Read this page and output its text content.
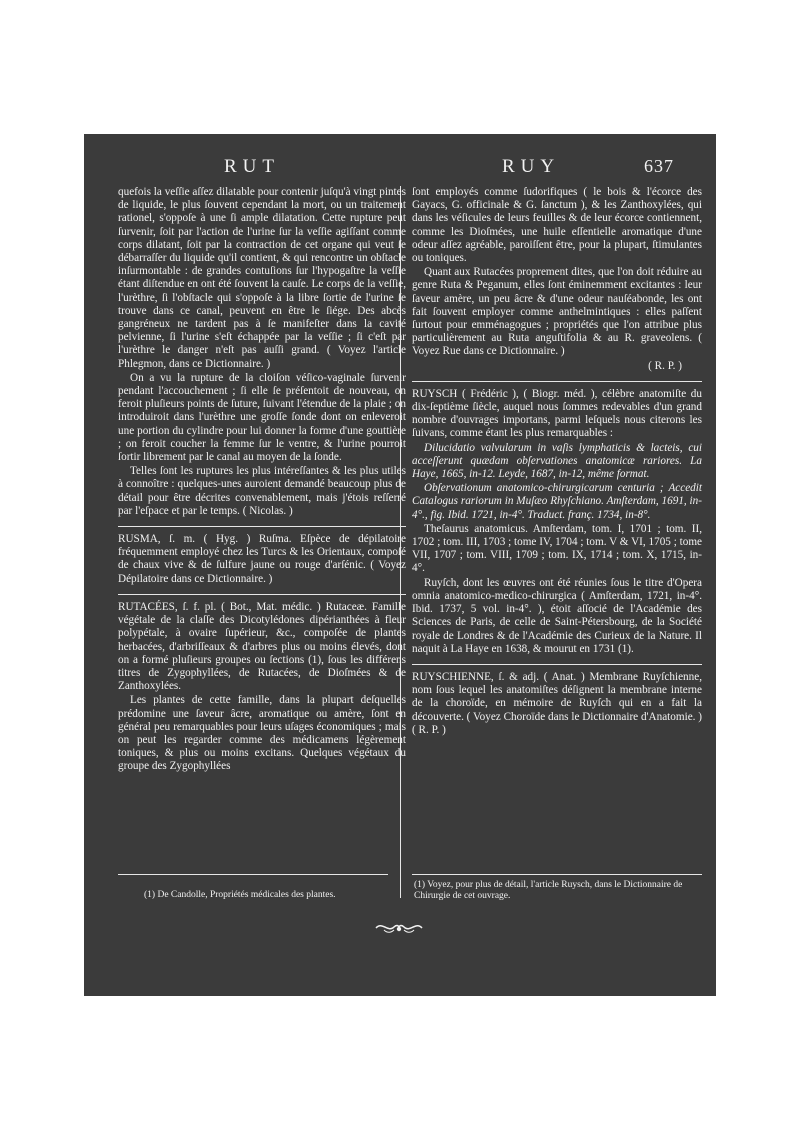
RUT	RUY	637

quefois la veſſie aſſez dilatable pour contenir juſqu'à vingt pintes de liquide, le plus ſouvent cependant la mort, ou un traitement rationel, s'oppoſe à une ſi ample dilatation. Cette rupture peut ſurvenir, ſoit par l'action de l'urine ſur la veſſie agiſſant comme corps dilatant, ſoit par la contraction de cet organe qui veut ſe débarraſſer du liquide qu'il contient, & qui rencontre un obſtacle inſurmontable : de grandes contuſions ſur l'hypogaſtre la veſſie étant diſtendue en ont été ſouvent la cauſe. Le corps de la veſſie, l'urèthre, ſi l'obſtacle qui s'oppoſe à la libre ſortie de l'urine ſe trouve dans ce canal, peuvent en être le ſiége. Des abcès gangréneux ne tardent pas à ſe manifeſter dans la cavité pelvienne, ſi l'urine s'eſt échappée par la veſſie ; ſi c'eſt par l'urèthre le danger n'eſt pas auſſi grand. ( Voyez l'article Phlegmon, dans ce Dictionnaire. )

On a vu la rupture de la cloiſon véſico-vaginale ſurvenir pendant l'accouchement ; ſi elle ſe préſentoit de nouveau, on feroit pluſieurs points de ſuture, ſuivant l'étendue de la plaie ; on introduiroit dans l'urèthre une groſſe ſonde dont on enleveroit une portion du cylindre pour lui donner la forme d'une gouttière ; on feroit coucher la femme ſur le ventre, & l'urine pourroit ſortir librement par le canal au moyen de la ſonde.

Telles ſont les ruptures les plus intéreſſantes & les plus utiles à connoître : quelques-unes auroient demandé beaucoup plus de détail pour être décrites convenablement, mais j'étois reſſerré par l'eſpace et par le temps. ( Nicolas. )

RUSMA, ſ. m. ( Hyg. ) Ruſma. Eſpèce de dépilatoire fréquemment employé chez les Turcs & les Orientaux, compoſé de chaux vive & de ſulfure jaune ou rouge d'arſénic. ( Voyez Dépilatoire dans ce Dictionnaire. )

RUTACÉES, ſ. f. pl. ( Bot., Mat. médic. ) Rutaceæ. Famille végétale de la claſſe des Dicotylédones dipérianthées à fleur polypétale, à ovaire ſupérieur, &c., compoſée de plantes herbacées, d'arbriſſeaux & d'arbres plus ou moins élevés, dont on a formé pluſieurs groupes ou ſections (1), ſous les différens titres de Zygophyllées, de Rutacées, de Dioſmées & de Zanthoxylées.

Les plantes de cette famille, dans la plupart deſquelles prédomine une ſaveur âcre, aromatique ou amère, ſont en général peu remarquables pour leurs uſages économiques ; mais on peut les regarder comme des médicamens légèrement toniques, & plus ou moins excitans. Quelques végétaux du groupe des Zygophyllées

ſont employés comme ſudorifiques ( le bois & l'écorce des Gayacs, G. officinale & G. ſanctum ), & les Zanthoxylées, qui dans les véſicules de leurs feuilles & de leur écorce contiennent, comme les Dioſmées, une huile eſſentielle aromatique d'une odeur aſſez agréable, paroiſſent être, pour la plupart, ſtimulantes ou toniques.

Quant aux Rutacées proprement dites, que l'on doit réduire au genre Ruta & Peganum, elles ſont éminemment excitantes : leur ſaveur amère, un peu âcre & d'une odeur nauſéabonde, les ont fait ſouvent employer comme anthelmintiques : elles paſſent ſurtout pour emménagogues ; propriétés que l'on attribue plus particulièrement au Ruta anguſtifolia & au R. graveolens. ( Voyez Rue dans ce Dictionnaire. )

( R. P. )

RUYSCH ( Frédéric ), ( Biogr. méd. ), célèbre anatomiſte du dix-ſeptième ſiècle, auquel nous ſommes redevables d'un grand nombre d'ouvrages importans, parmi leſquels nous citerons les ſuivans, comme étant les plus remarquables :

Dilucidatio valvularum in vaſis lymphaticis & lacteis, cui acceſſerunt quædam obſervationes anatomicæ rariores. La Haye, 1665, in-12. Leyde, 1687, in-12, même format.

Obſervationum anatomico-chirurgicarum centuria ; Accedit Catalogus rariorum in Muſæo Rhyſchiano. Amſterdam, 1691, in-4°., fig. Ibid. 1721, in-4°. Traduct. franç. 1734, in-8°.

Theſaurus anatomicus. Amſterdam, tom. I, 1701 ; tom. II, 1702 ; tom. III, 1703 ; tome IV, 1704 ; tom. V & VI, 1705 ; tome VII, 1707 ; tom. VIII, 1709 ; tom. IX, 1714 ; tom. X, 1715, in-4°.

Ruyſch, dont les œuvres ont été réunies ſous le titre d'Opera omnia anatomico-medico-chirurgica ( Amſterdam, 1721, in-4°. Ibid. 1737, 5 vol. in-4°. ), étoit aſſocié de l'Académie des Sciences de Paris, de celle de Saint-Pétersbourg, de la Société royale de Londres & de l'Académie des Curieux de la Nature. Il naquit à La Haye en 1638, & mourut en 1731 (1).

RUYSCHIENNE, ſ. & adj. ( Anat. ) Membrane Ruyſchienne, nom ſous lequel les anatomiſtes déſignent la membrane interne de la choroïde, en mémoire de Ruyſch qui en a fait la découverte. ( Voyez Choroïde dans le Dictionnaire d'Anatomie. ) ( R. P. )

(1) De Candolle, Propriétés médicales des plantes.
(1) Voyez, pour plus de détail, l'article Ruysch, dans le Dictionnaire de Chirurgie de cet ouvrage.
